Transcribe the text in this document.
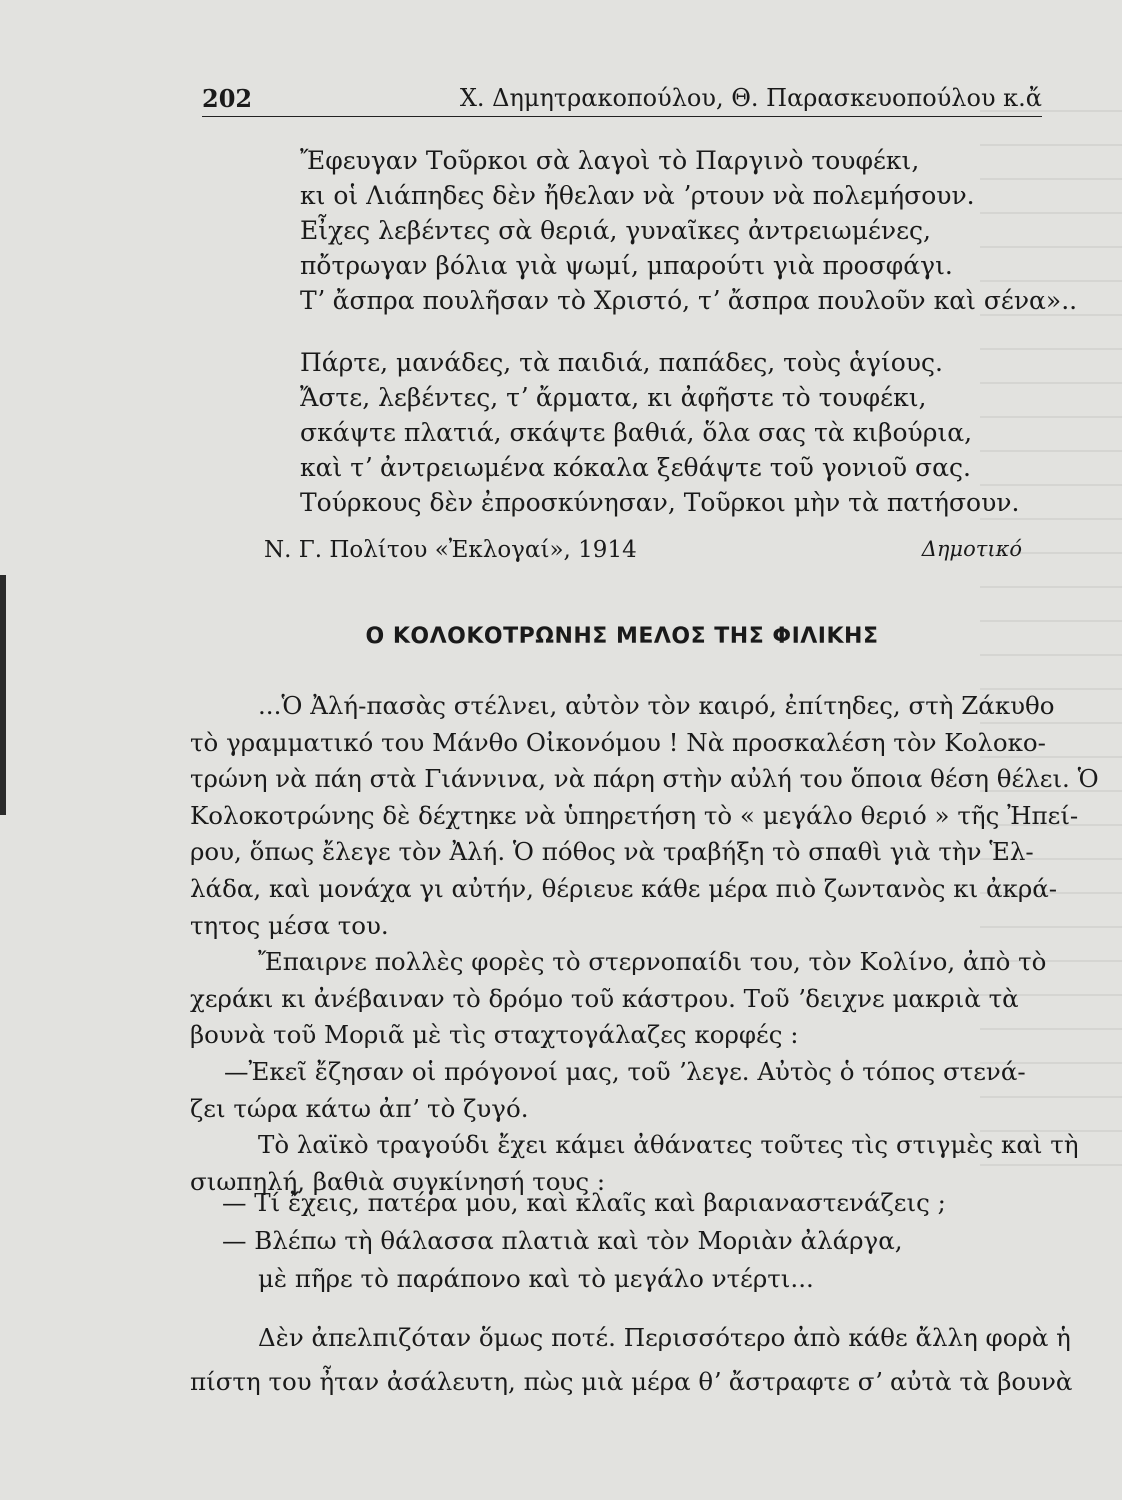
202	Χ. Δημητρακοπούλου, Θ. Παρασκευοπούλου κ.ἄ
Ἔφευγαν Τοῦρκοι σὰ λαγοὶ τὸ Παργινὸ τουφέκι,
κι οἱ Λιάπηδες δὲν ἤθελαν νὰ ʼρτουν νὰ πολεμήσουν.
Εἶχες λεβέντες σὰ θεριά, γυναῖκες ἀντρειωμένες,
πὄτρωγαν βόλια γιὰ ψωμί, μπαρούτι γιὰ προσφάγι.
Τʼ ἄσπρα πουλῆσαν τὸ Χριστό, τʼ ἄσπρα πουλοῦν καὶ σένα»..
Πάρτε, μανάδες, τὰ παιδιά, παπάδες, τοὺς ἁγίους.
Ἄστε, λεβέντες, τʼ ἄρματα, κι ἀφῆστε τὸ τουφέκι,
σκάψτε πλατιά, σκάψτε βαθιά, ὅλα σας τὰ κιβούρια,
καὶ τʼ ἀντρειωμένα κόκαλα ξεθάψτε τοῦ γονιοῦ σας.
Τούρκους δὲν ἐπροσκύνησαν, Τοῦρκοι μὴν τὰ πατήσουν.
Ν. Γ. Πολίτου «Ἐκλογαί», 1914	Δημοτικό
Ο ΚΟΛΟΚΟΤΡΩΝΗΣ ΜΕΛΟΣ ΤΗΣ ΦΙΛΙΚΗΣ
...Ὁ Ἀλή-πασὰς στέλνει, αὐτὸν τὸν καιρό, ἐπίτηδες, στὴ Ζάκυθο
τὸ γραμματικό του Μάνθο Οἰκονόμου ! Νὰ προσκαλέση τὸν Κολοκο-
τρώνη νὰ πάη στὰ Γιάννινα, νὰ πάρη στὴν αὐλή του ὅποια θέση θέλει. Ὁ
Κολοκοτρώνης δὲ δέχτηκε νὰ ὑπηρετήση τὸ « μεγάλο θεριό » τῆς Ἠπεί-
ρου, ὅπως ἔλεγε τὸν Ἀλή. Ὁ πόθος νὰ τραβήξη τὸ σπαθὶ γιὰ τὴν Ἑλ-
λάδα, καὶ μονάχα γι αὐτήν, θέριευε κάθε μέρα πιὸ ζωντανὸς κι ἀκρά-
τητος μέσα του.
Ἔπαιρνε πολλὲς φορὲς τὸ στερνοπαίδι του, τὸν Κολίνο, ἀπὸ τὸ
χεράκι κι ἀνέβαιναν τὸ δρόμο τοῦ κάστρου. Τοῦ ʼδειχνε μακριὰ τὰ
βουνὰ τοῦ Μοριᾶ μὲ τὶς σταχτογάλαζες κορφές :
—Ἐκεῖ ἔζησαν οἱ πρόγονοί μας, τοῦ ʼλεγε. Αὐτὸς ὁ τόπος στενά-
ζει τώρα κάτω ἀπʼ τὸ ζυγό.
Τὸ λαϊκὸ τραγούδι ἔχει κάμει ἀθάνατες τοῦτες τὶς στιγμὲς καὶ τὴ
σιωπηλή, βαθιὰ συγκίνησή τους :
— Τί ἔχεις, πατέρα μου, καὶ κλαῖς καὶ βαριαναστενάζεις ;
— Βλέπω τὴ θάλασσα πλατιὰ καὶ τὸν Μοριὰν ἀλάργα,
μὲ πῆρε τὸ παράπονο καὶ τὸ μεγάλο ντέρτι...
Δὲν ἀπελπιζόταν ὅμως ποτέ. Περισσότερο ἀπὸ κάθε ἄλλη φορὰ ἡ
πίστη του ἦταν ἀσάλευτη, πὼς μιὰ μέρα θʼ ἄστραφτε σʼ αὐτὰ τὰ βουνὰ
